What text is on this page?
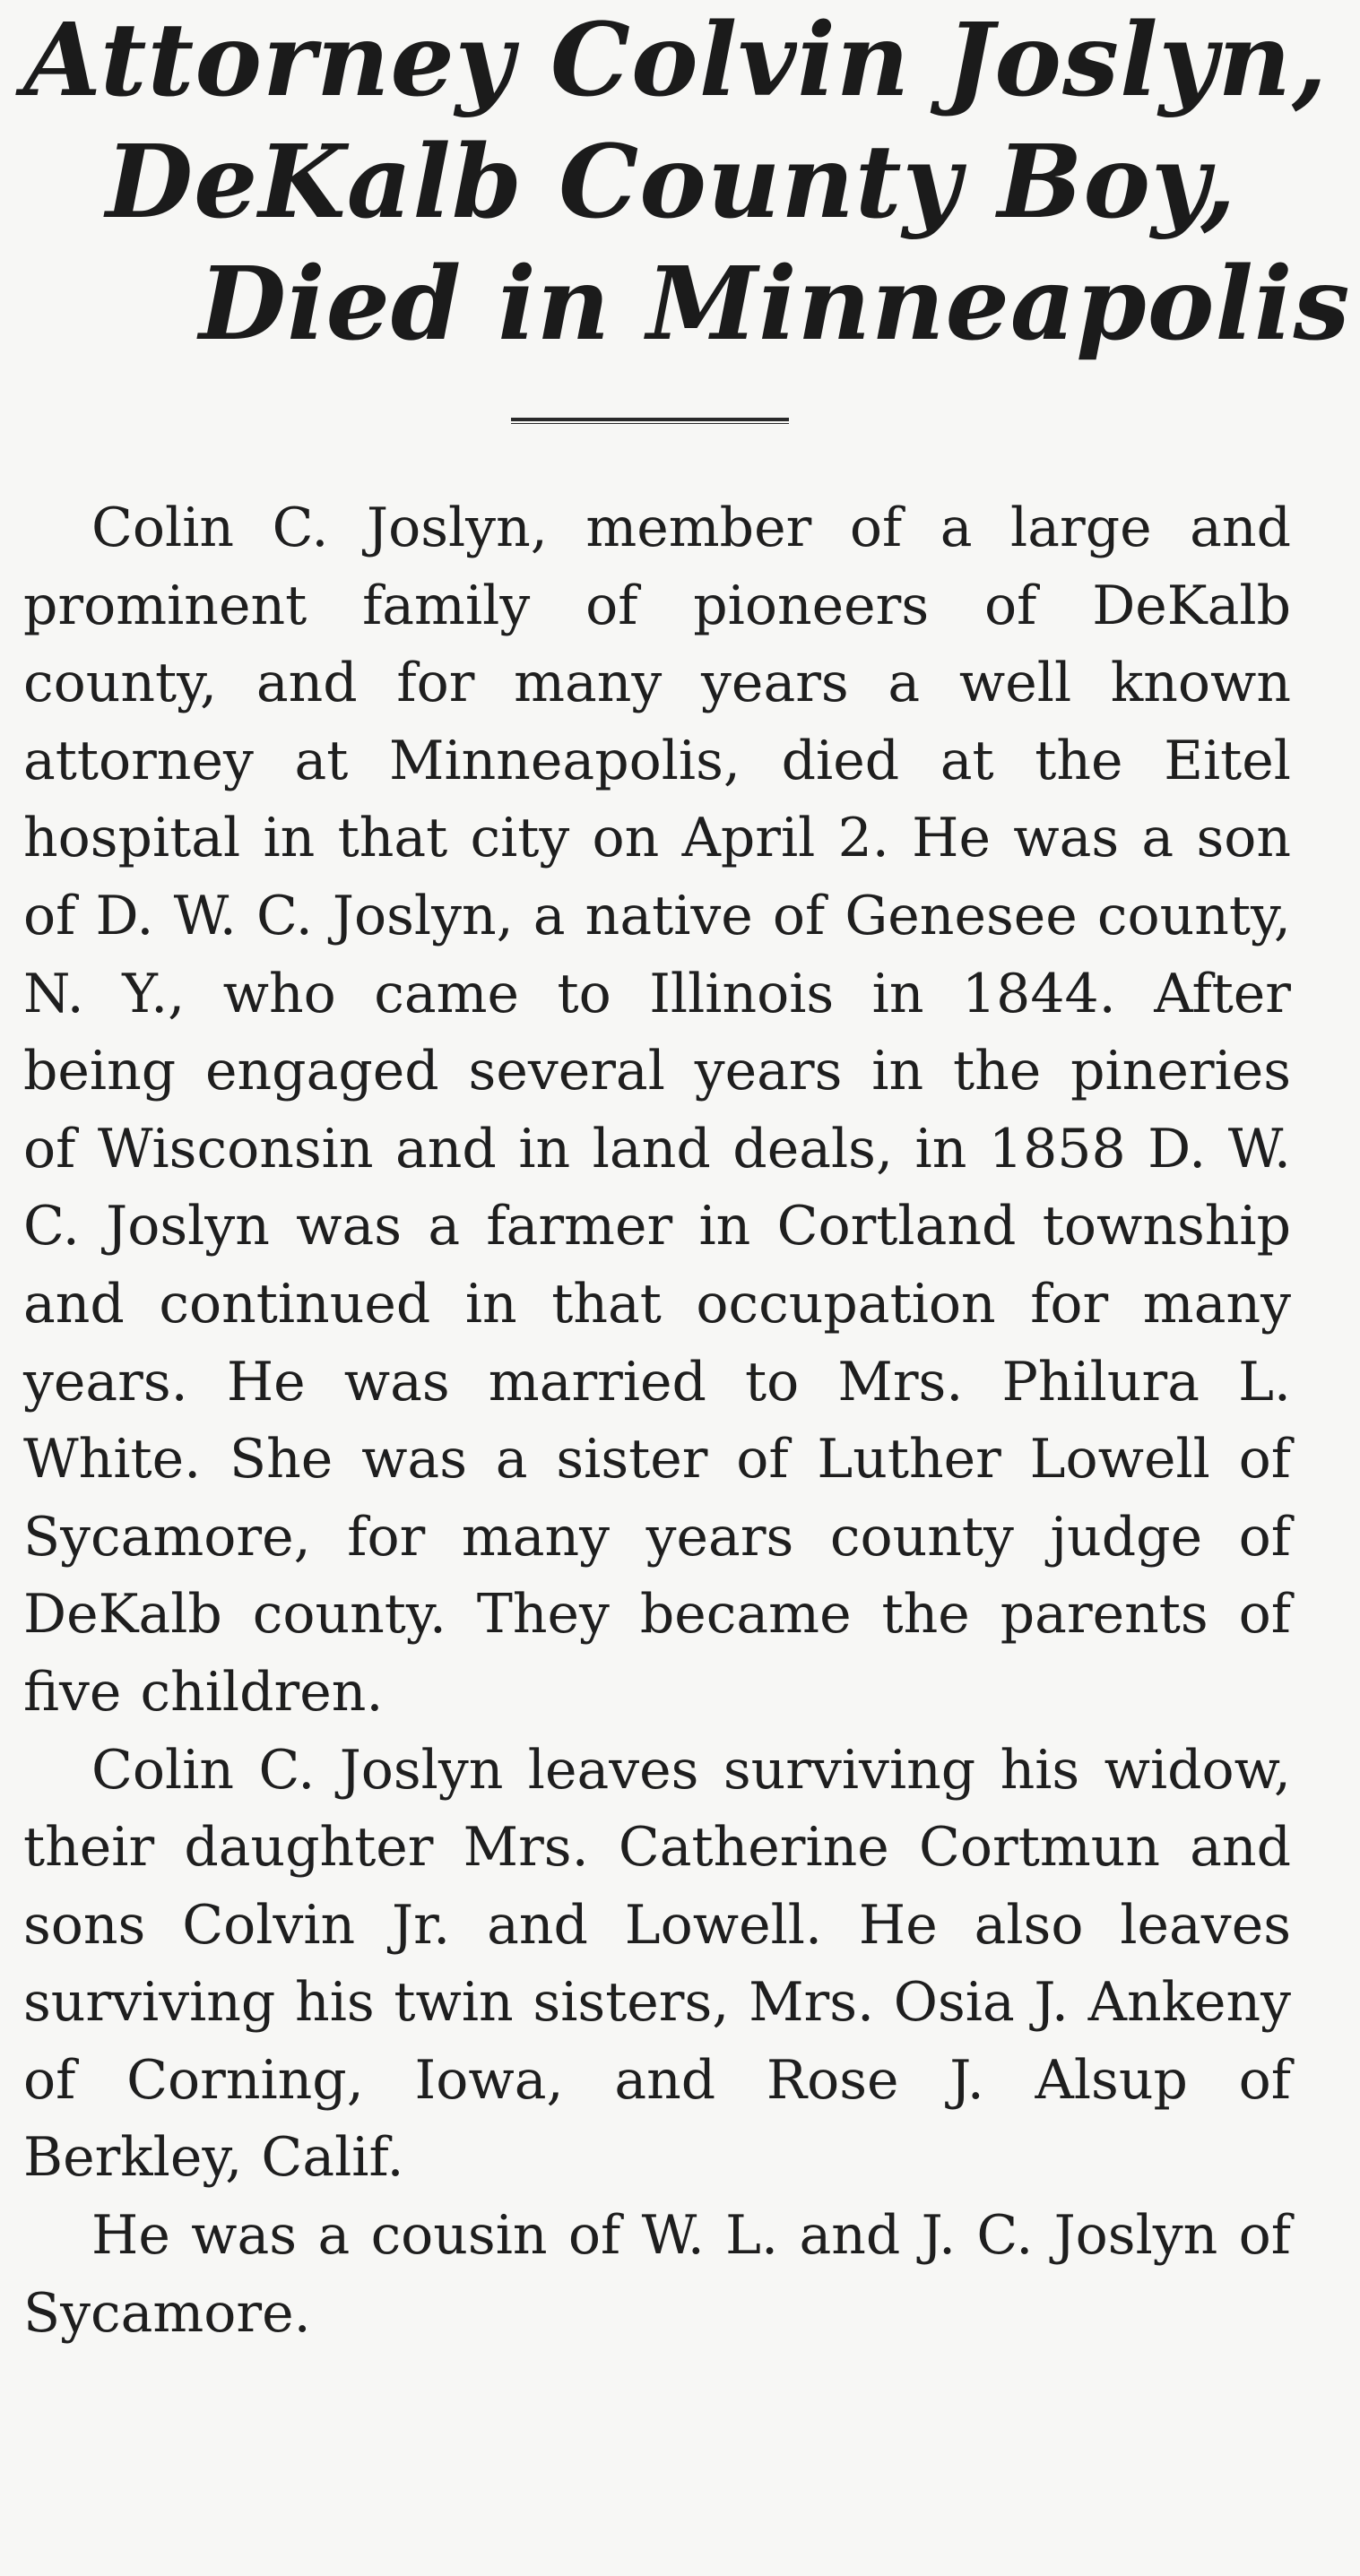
Attorney Colvin Joslyn,
DeKalb County Boy,
Died in Minneapolis

Colin C. Joslyn, member of a large and prominent family of pioneers of DeKalb county, and for many years a well known attorney at Minneapolis, died at the Eitel hospital in that city on April 2. He was a son of D. W. C. Joslyn, a native of Genesee county, N. Y., who came to Illinois in 1844. After being engaged several years in the pineries of Wisconsin and in land deals, in 1858 D. W. C. Joslyn was a farmer in Cortland township and continued in that occupation for many years. He was married to Mrs. Philura L. White. She was a sister of Luther Lowell of Sycamore, for many years county judge of DeKalb county. They became the parents of five children.

Colin C. Joslyn leaves surviving his widow, their daughter Mrs. Catherine Cortmun and sons Colvin Jr. and Lowell. He also leaves surviving his twin sisters, Mrs. Osia J. Ankeny of Corning, Iowa, and Rose J. Alsup of Berkley, Calif.

He was a cousin of W. L. and J. C. Joslyn of Sycamore.
